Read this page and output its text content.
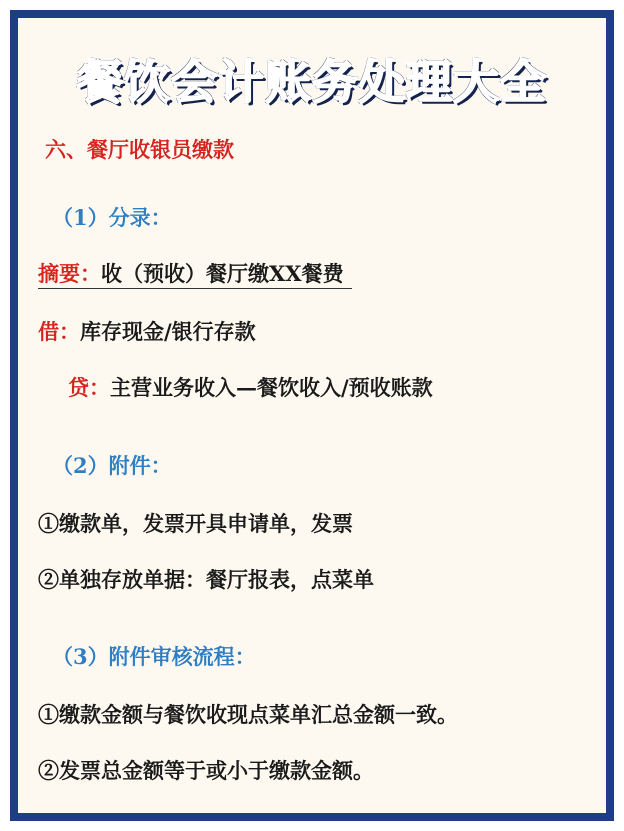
餐饮会计账务处理大全
六、餐厅收银员缴款
（1）分录：
摘要：收（预收）餐厅缴XX餐费
借：库存现金/银行存款
贷：主营业务收入—餐饮收入/预收账款
（2）附件：
①缴款单，发票开具申请单，发票
②单独存放单据：餐厅报表，点菜单
（3）附件审核流程：
①缴款金额与餐饮收现点菜单汇总金额一致。
②发票总金额等于或小于缴款金额。
